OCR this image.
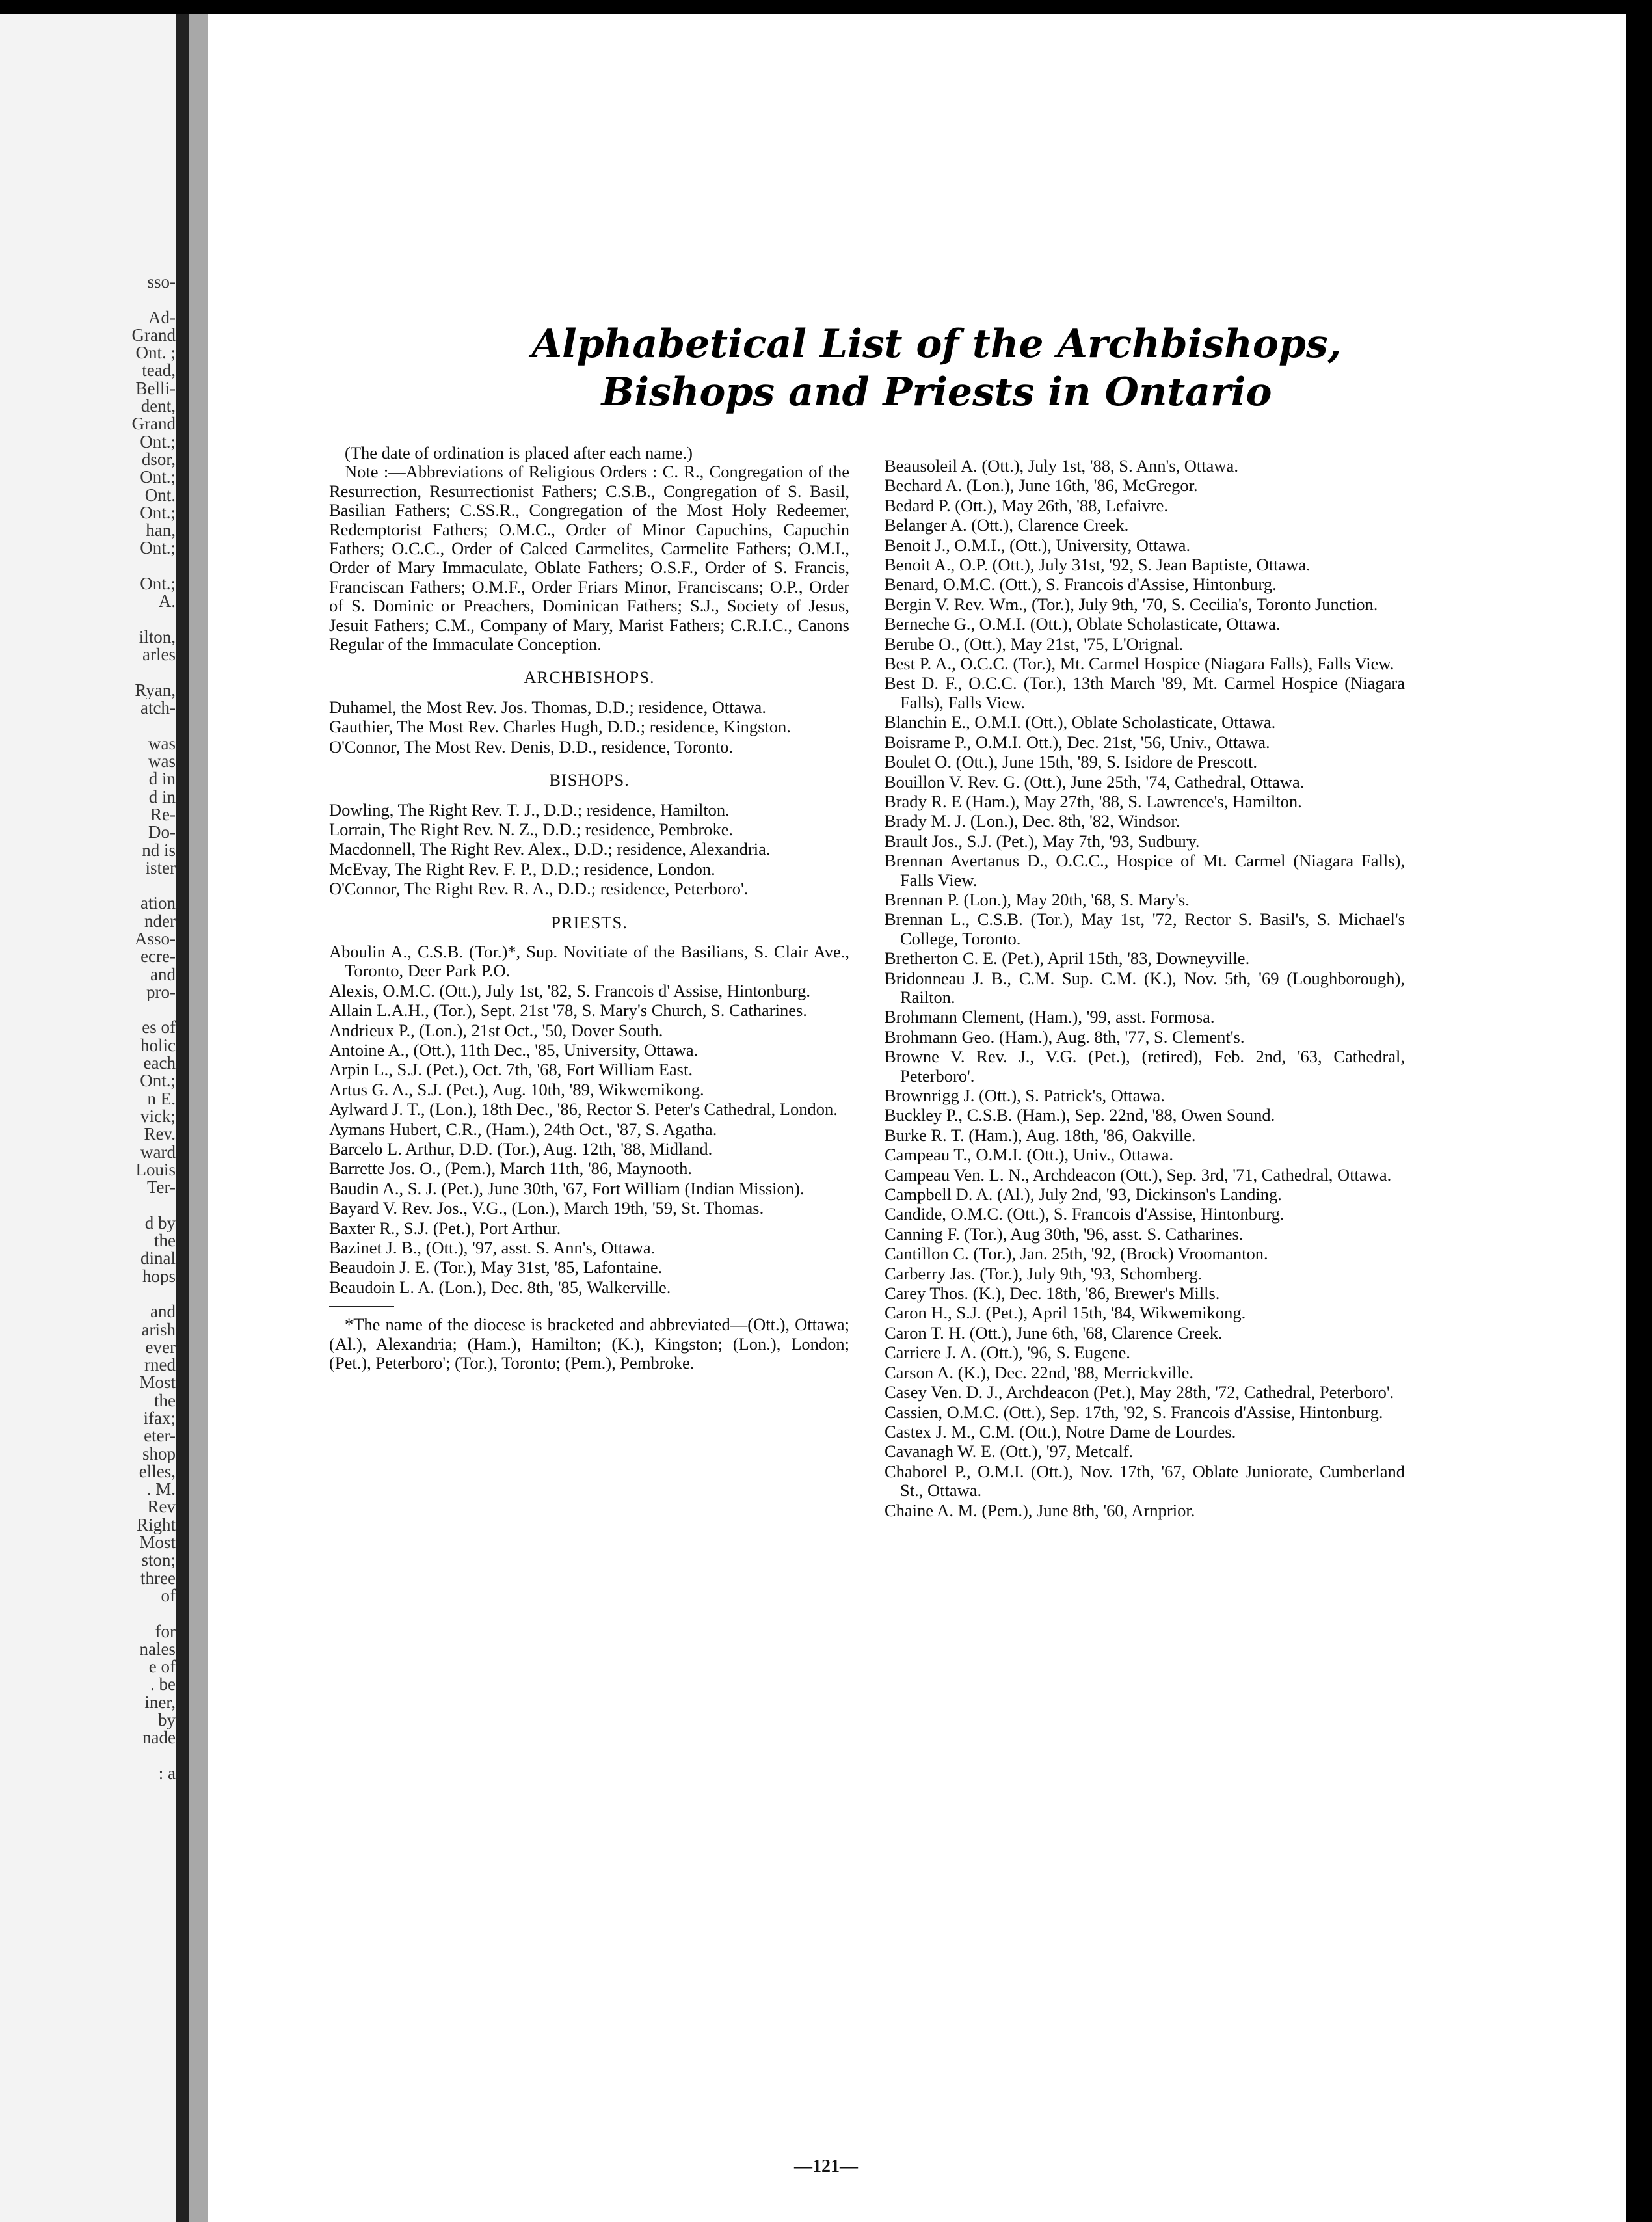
sso-
Ad-
Grand
Ont. ;
tead,
Belli-
dent,
Grand
Ont.;
dsor,
Ont.;
Ont.
Ont.;
han,
Ont.;
Ont.;
A.
ilton,
arles
Ryan,
atch-
was
was
d in
d in
Re-
Do-
nd is
ister
ation
nder
Asso-
ecre-
and
pro-
es of
holic
each
Ont.;
n E.
vick;
Rev.
ward
Louis
Ter-
d by
the
dinal
hops
and
arish
ever
rned
Most
the
ifax;
eter-
shop
elles,
. M.
Rev
Right
Most
ston;
three
of
for
nales
e of
. be
iner,
by
nade
: a
Alphabetical List of the Archbishops, Bishops and Priests in Ontario

(The date of ordination is placed after each name.)

Note :—Abbreviations of Religious Orders : C. R., Congregation of the Resurrection, Resurrectionist Fathers; C.S.B., Congregation of S. Basil, Basilian Fathers; C.SS.R., Congregation of the Most Holy Redeemer, Redemptorist Fathers; O.M.C., Order of Minor Capuchins, Capuchin Fathers; O.C.C., Order of Calced Carmelites, Carmelite Fathers; O.M.I., Order of Mary Immaculate, Oblate Fathers; O.S.F., Order of S. Francis, Franciscan Fathers; O.M.F., Order Friars Minor, Franciscans; O.P., Order of S. Dominic or Preachers, Dominican Fathers; S.J., Society of Jesus, Jesuit Fathers; C.M., Company of Mary, Marist Fathers; C.R.I.C., Canons Regular of the Immaculate Conception.

ARCHBISHOPS.

Duhamel, the Most Rev. Jos. Thomas, D.D.; residence, Ottawa.

Gauthier, The Most Rev. Charles Hugh, D.D.; residence, Kingston.

O'Connor, The Most Rev. Denis, D.D., residence, Toronto.

BISHOPS.

Dowling, The Right Rev. T. J., D.D.; residence, Hamilton.

Lorrain, The Right Rev. N. Z., D.D.; residence, Pembroke.

Macdonnell, The Right Rev. Alex., D.D.; residence, Alexandria.

McEvay, The Right Rev. F. P., D.D.; residence, London.

O'Connor, The Right Rev. R. A., D.D.; residence, Peterboro'.

PRIESTS.

Aboulin A., C.S.B. (Tor.)*, Sup. Novitiate of the Basilians, S. Clair Ave., Toronto, Deer Park P.O.

Alexis, O.M.C. (Ott.), July 1st, '82, S. Francois d' Assise, Hintonburg.

Allain L.A.H., (Tor.), Sept. 21st '78, S. Mary's Church, S. Catharines.

Andrieux P., (Lon.), 21st Oct., '50, Dover South.

Antoine A., (Ott.), 11th Dec., '85, University, Ottawa.

Arpin L., S.J. (Pet.), Oct. 7th, '68, Fort William East.

Artus G. A., S.J. (Pet.), Aug. 10th, '89, Wikwemikong.

Aylward J. T., (Lon.), 18th Dec., '86, Rector S. Peter's Cathedral, London.

Aymans Hubert, C.R., (Ham.), 24th Oct., '87, S. Agatha.

Barcelo L. Arthur, D.D. (Tor.), Aug. 12th, '88, Midland.

Barrette Jos. O., (Pem.), March 11th, '86, Maynooth.

Baudin A., S. J. (Pet.), June 30th, '67, Fort William (Indian Mission).

Bayard V. Rev. Jos., V.G., (Lon.), March 19th, '59, St. Thomas.

Baxter R., S.J. (Pet.), Port Arthur.

Bazinet J. B., (Ott.), '97, asst. S. Ann's, Ottawa.

Beaudoin J. E. (Tor.), May 31st, '85, Lafontaine.

Beaudoin L. A. (Lon.), Dec. 8th, '85, Walkerville.

*The name of the diocese is bracketed and abbreviated—(Ott.), Ottawa; (Al.), Alexandria; (Ham.), Hamilton; (K.), Kingston; (Lon.), London; (Pet.), Peterboro'; (Tor.), Toronto; (Pem.), Pembroke.

Beausoleil A. (Ott.), July 1st, '88, S. Ann's, Ottawa.

Bechard A. (Lon.), June 16th, '86, McGregor.

Bedard P. (Ott.), May 26th, '88, Lefaivre.

Belanger A. (Ott.), Clarence Creek.

Benoit J., O.M.I., (Ott.), University, Ottawa.

Benoit A., O.P. (Ott.), July 31st, '92, S. Jean Baptiste, Ottawa.

Benard, O.M.C. (Ott.), S. Francois d'Assise, Hintonburg.

Bergin V. Rev. Wm., (Tor.), July 9th, '70, S. Cecilia's, Toronto Junction.

Berneche G., O.M.I. (Ott.), Oblate Scholasticate, Ottawa.

Berube O., (Ott.), May 21st, '75, L'Orignal.

Best P. A., O.C.C. (Tor.), Mt. Carmel Hospice (Niagara Falls), Falls View.

Best D. F., O.C.C. (Tor.), 13th March '89, Mt. Carmel Hospice (Niagara Falls), Falls View.

Blanchin E., O.M.I. (Ott.), Oblate Scholasticate, Ottawa.

Boisrame P., O.M.I. Ott.), Dec. 21st, '56, Univ., Ottawa.

Boulet O. (Ott.), June 15th, '89, S. Isidore de Prescott.

Bouillon V. Rev. G. (Ott.), June 25th, '74, Cathedral, Ottawa.

Brady R. E (Ham.), May 27th, '88, S. Lawrence's, Hamilton.

Brady M. J. (Lon.), Dec. 8th, '82, Windsor.

Brault Jos., S.J. (Pet.), May 7th, '93, Sudbury.

Brennan Avertanus D., O.C.C., Hospice of Mt. Carmel (Niagara Falls), Falls View.

Brennan P. (Lon.), May 20th, '68, S. Mary's.

Brennan L., C.S.B. (Tor.), May 1st, '72, Rector S. Basil's, S. Michael's College, Toronto.

Bretherton C. E. (Pet.), April 15th, '83, Downeyville.

Bridonneau J. B., C.M. Sup. C.M. (K.), Nov. 5th, '69 (Loughborough), Railton.

Brohmann Clement, (Ham.), '99, asst. Formosa.

Brohmann Geo. (Ham.), Aug. 8th, '77, S. Clement's.

Browne V. Rev. J., V.G. (Pet.), (retired), Feb. 2nd, '63, Cathedral, Peterboro'.

Brownrigg J. (Ott.), S. Patrick's, Ottawa.

Buckley P., C.S.B. (Ham.), Sep. 22nd, '88, Owen Sound.

Burke R. T. (Ham.), Aug. 18th, '86, Oakville.

Campeau T., O.M.I. (Ott.), Univ., Ottawa.

Campeau Ven. L. N., Archdeacon (Ott.), Sep. 3rd, '71, Cathedral, Ottawa.

Campbell D. A. (Al.), July 2nd, '93, Dickinson's Landing.

Candide, O.M.C. (Ott.), S. Francois d'Assise, Hintonburg.

Canning F. (Tor.), Aug 30th, '96, asst. S. Catharines.

Cantillon C. (Tor.), Jan. 25th, '92, (Brock) Vroomanton.

Carberry Jas. (Tor.), July 9th, '93, Schomberg.

Carey Thos. (K.), Dec. 18th, '86, Brewer's Mills.

Caron H., S.J. (Pet.), April 15th, '84, Wikwemikong.

Caron T. H. (Ott.), June 6th, '68, Clarence Creek.

Carriere J. A. (Ott.), '96, S. Eugene.

Carson A. (K.), Dec. 22nd, '88, Merrickville.

Casey Ven. D. J., Archdeacon (Pet.), May 28th, '72, Cathedral, Peterboro'.

Cassien, O.M.C. (Ott.), Sep. 17th, '92, S. Francois d'Assise, Hintonburg.

Castex J. M., C.M. (Ott.), Notre Dame de Lourdes.

Cavanagh W. E. (Ott.), '97, Metcalf.

Chaborel P., O.M.I. (Ott.), Nov. 17th, '67, Oblate Juniorate, Cumberland St., Ottawa.

Chaine A. M. (Pem.), June 8th, '60, Arnprior.

—121—
